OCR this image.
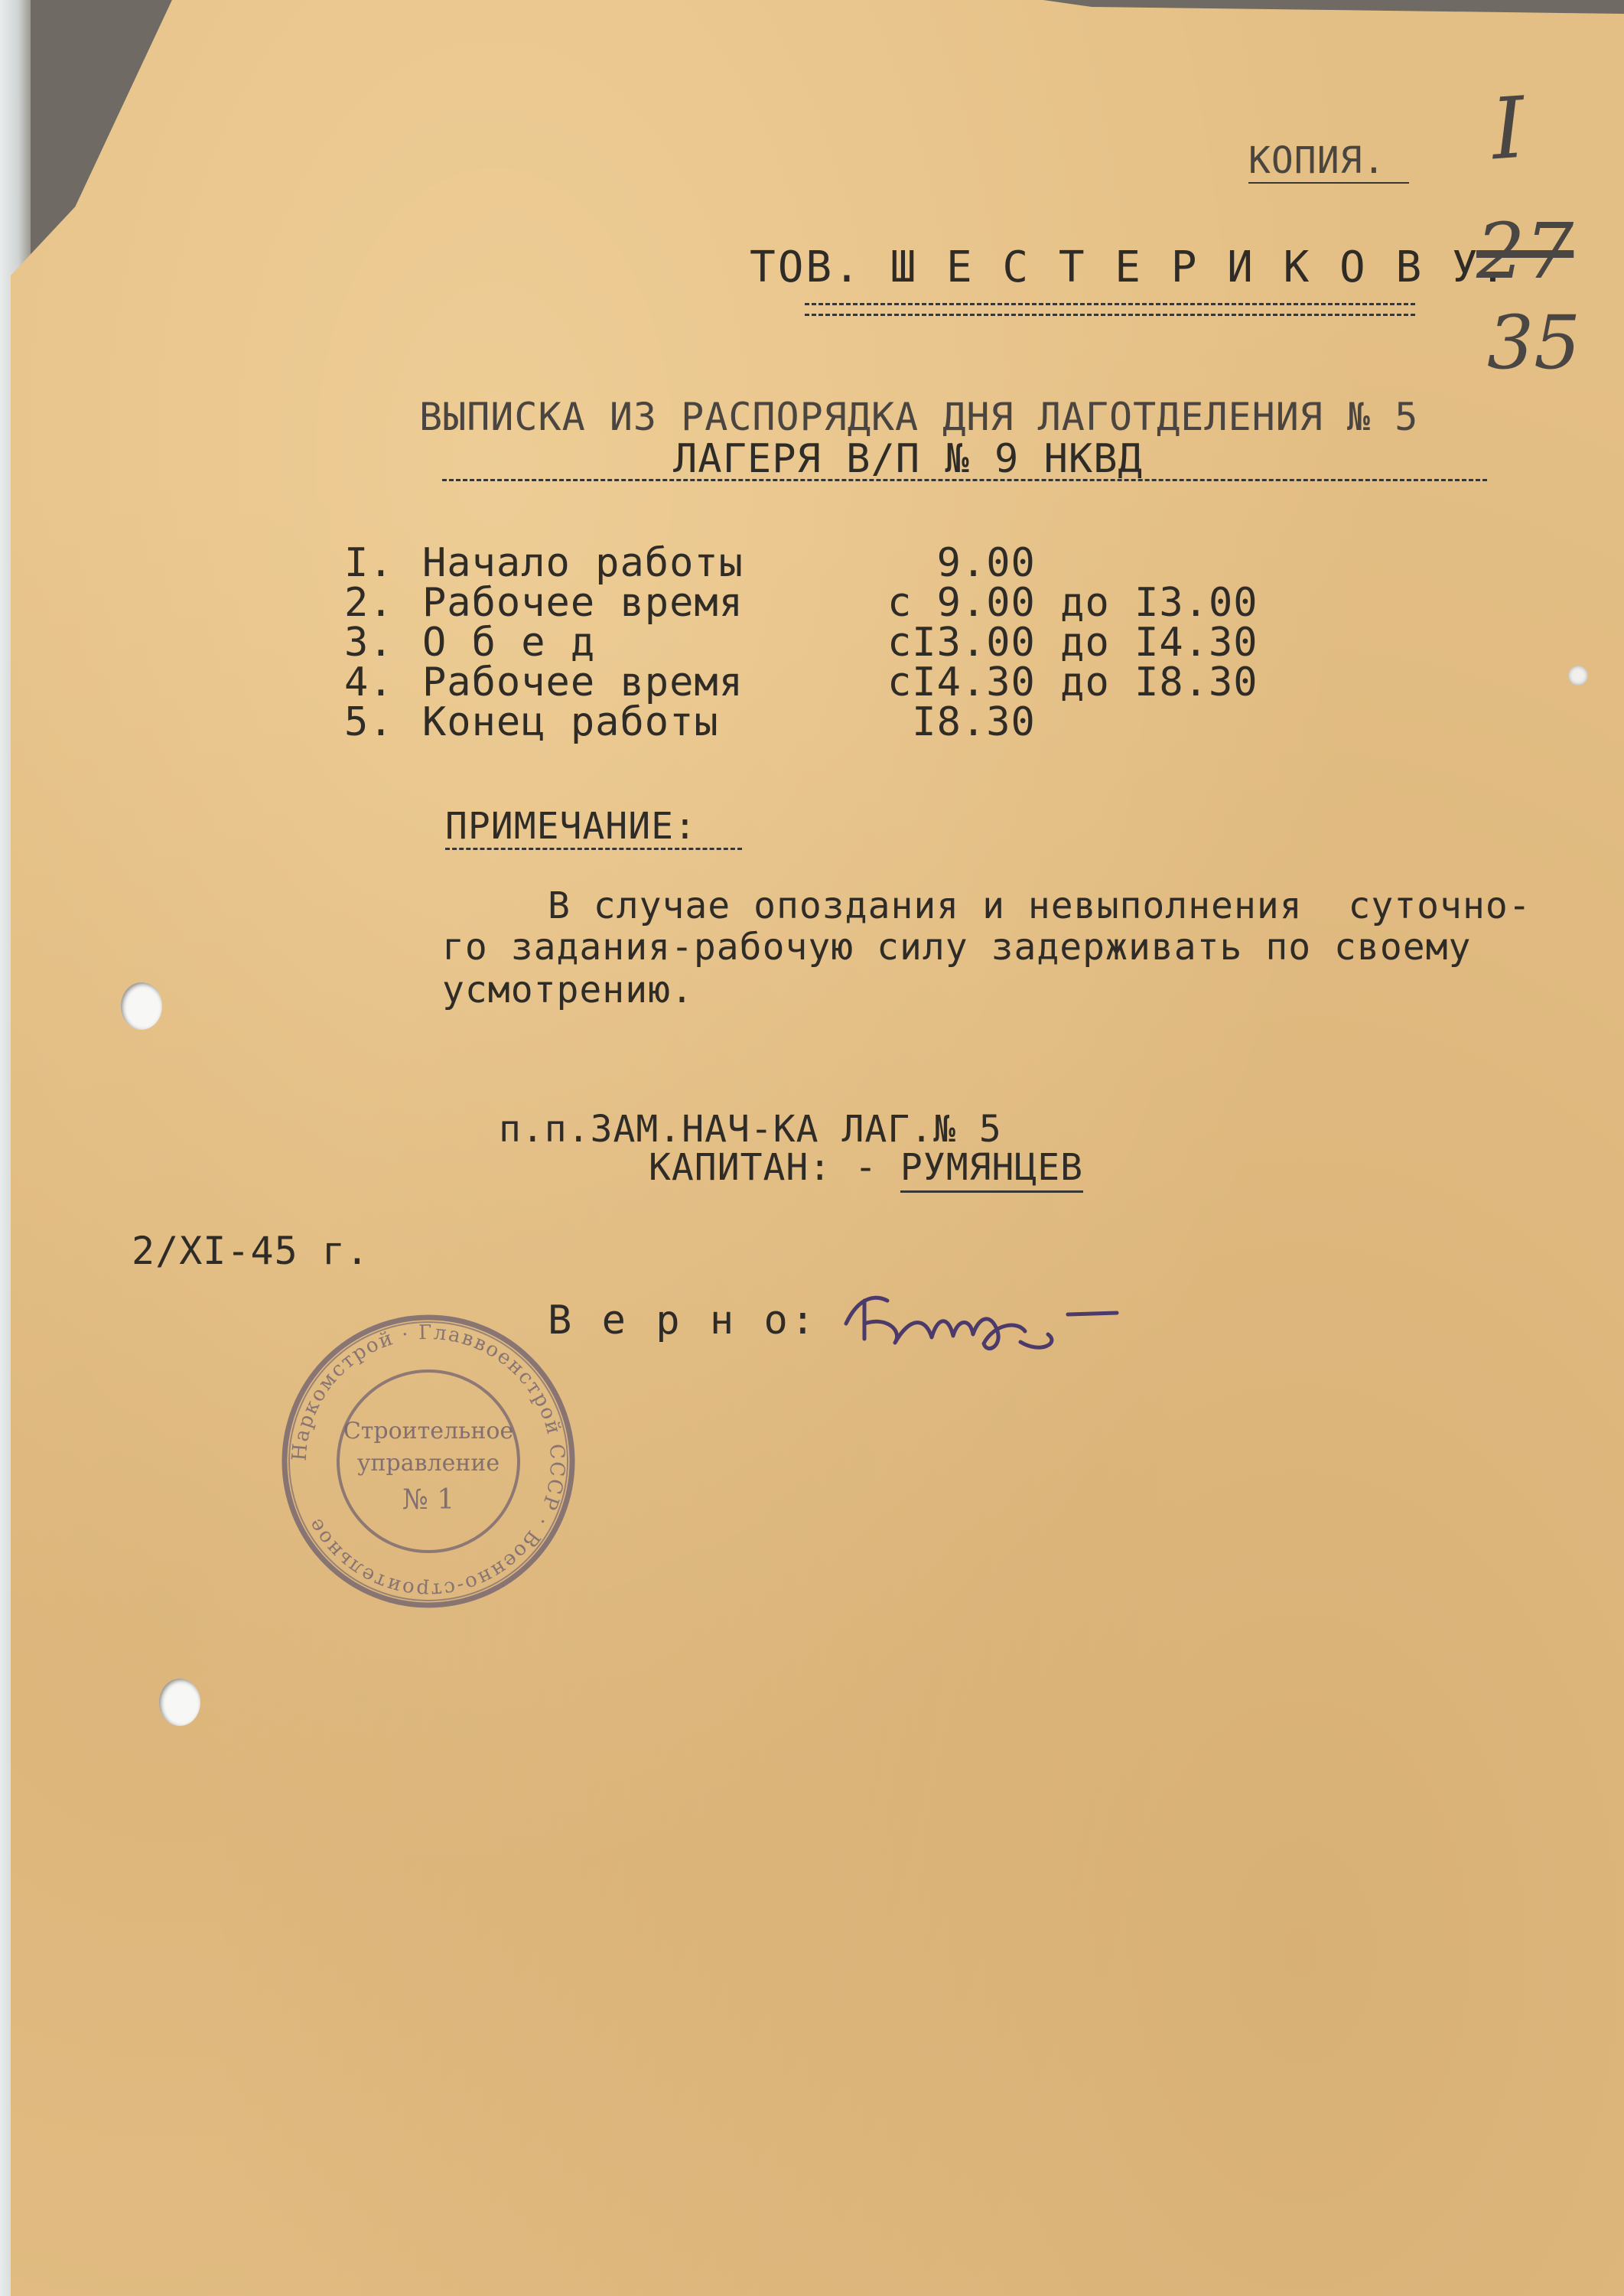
КОПИЯ.
ТОВ. Ш Е С Т Е Р И К О В У.
ВЫПИСКА ИЗ РАСПОРЯДКА ДНЯ ЛАГОТДЕЛЕНИЯ № 5
ЛАГЕРЯ В/П № 9 НКВД
I. Начало работы	9.00
2. Рабочее время	с 9.00 до I3.00
3. О б е д	сI3.00 до I4.30
4. Рабочее время	сI4.30 до I8.30
5. Конец работы	I8.30
ПРИМЕЧАНИЕ:
В случае опоздания и невыполнения  суточно-
го задания-рабочую силу задерживать по своему
усмотрению.
п.п.ЗАМ.НАЧ-КА ЛАГ.№ 5
КАПИТАН: - РУМЯНЦЕВ
2/XI-45 г.
В е р н о:
Наркомстрой · Главвоенстрой СССР · Военно-строительное
Строительное
управление
№ 1
I
27
35
